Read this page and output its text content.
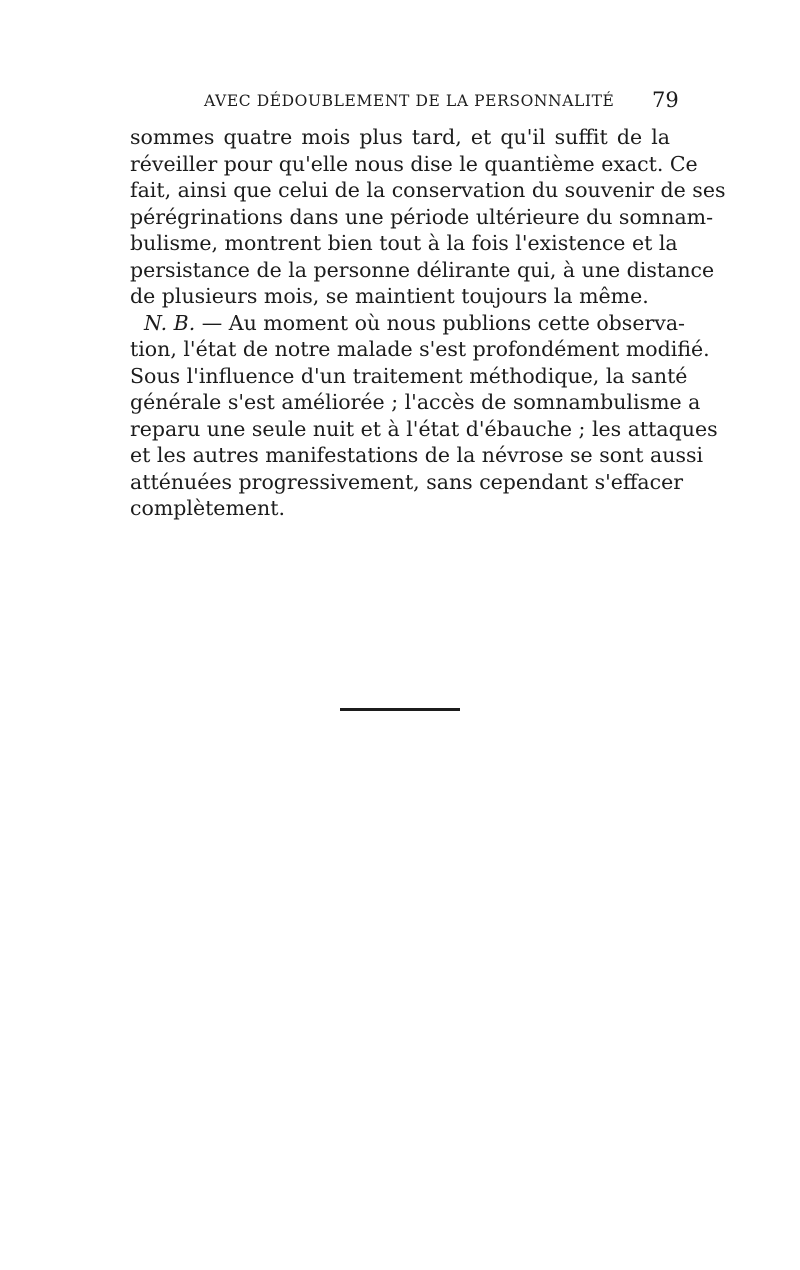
AVEC DÉDOUBLEMENT DE LA PERSONNALITÉ 79
sommes quatre mois plus tard, et qu'il suffit de la
réveiller pour qu'elle nous dise le quantième exact. Ce
fait, ainsi que celui de la conservation du souvenir de ses
pérégrinations dans une période ultérieure du somnam-
bulisme, montrent bien tout à la fois l'existence et la
persistance de la personne délirante qui, à une distance
de plusieurs mois, se maintient toujours la même.
N. B. — Au moment où nous publions cette observa-
tion, l'état de notre malade s'est profondément modifié.
Sous l'influence d'un traitement méthodique, la santé
générale s'est améliorée ; l'accès de somnambulisme a
reparu une seule nuit et à l'état d'ébauche ; les attaques
et les autres manifestations de la névrose se sont aussi
atténuées progressivement, sans cependant s'effacer
complètement.
